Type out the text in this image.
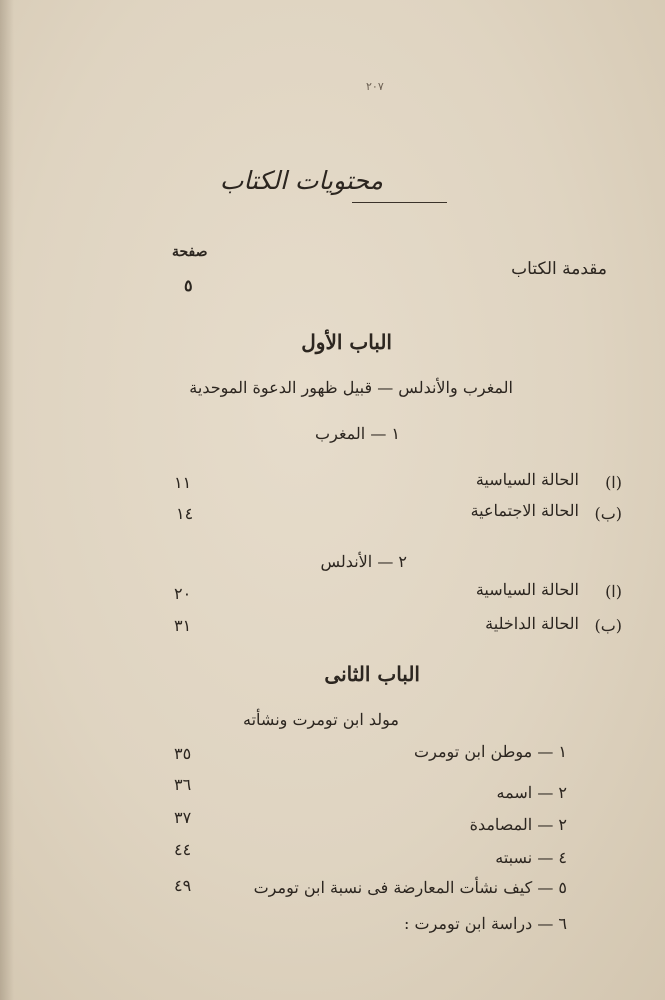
٢٠٧
محتويات الكتاب
صفحة
مقدمة الكتاب
٥
الباب الأول
المغرب والأندلس — قبيل ظهور الدعوة الموحدية
١ — المغرب
(ا)
الحالة السياسية
١١
(ب)
الحالة الاجتماعية
١٤
٢ — الأندلس
(ا)
الحالة السياسية
٢٠
(ب)
الحالة الداخلية
٣١
الباب الثانى
مولد ابن تومرت ونشأته
١ — موطن ابن تومرت
٣٥
٢ — اسمه
٣٦
٢ — المصامدة
٣٧
٤ — نسبته
٤٤
٥ — كيف نشأت المعارضة فى نسبة ابن تومرت
٤٩
٦ — دراسة ابن تومرت :
